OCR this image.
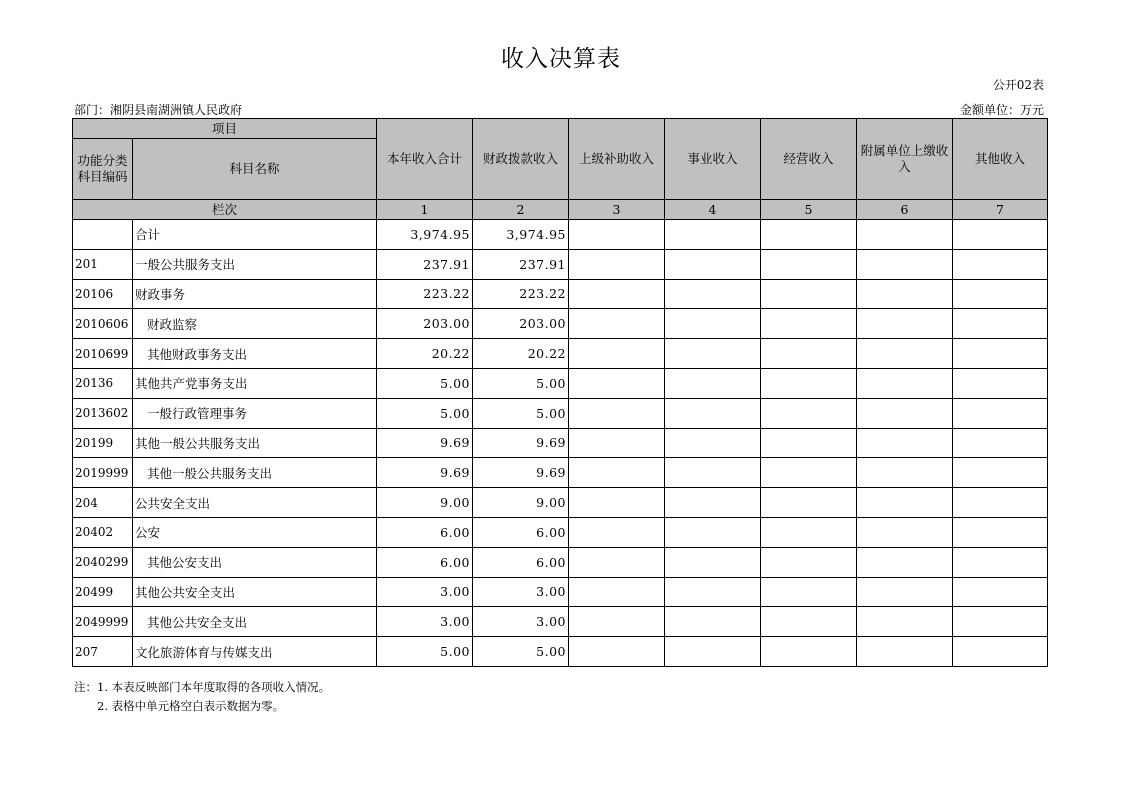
收入决算表
公开02表
部门：湘阴县南湖洲镇人民政府	金额单位：万元
项目		本年收入合计	财政拨款收入	上级补助收入	事业收入	经营收入	附属单位上缴收入	其他收入
功能分类科目编码	科目名称							
栏次		1	2	3	4	5	6	7
	合计	3,974.95	3,974.95					
201	一般公共服务支出	237.91	237.91					
20106	财政事务	223.22	223.22					
2010606	财政监察	203.00	203.00					
2010699	其他财政事务支出	20.22	20.22					
20136	其他共产党事务支出	5.00	5.00					
2013602	一般行政管理事务	5.00	5.00					
20199	其他一般公共服务支出	9.69	9.69					
2019999	其他一般公共服务支出	9.69	9.69					
204	公共安全支出	9.00	9.00					
20402	公安	6.00	6.00					
2040299	其他公安支出	6.00	6.00					
20499	其他公共安全支出	3.00	3.00					
2049999	其他公共安全支出	3.00	3.00					
207	文化旅游体育与传媒支出	5.00	5.00					
注：1. 本表反映部门本年度取得的各项收入情况。
2. 表格中单元格空白表示数据为零。
